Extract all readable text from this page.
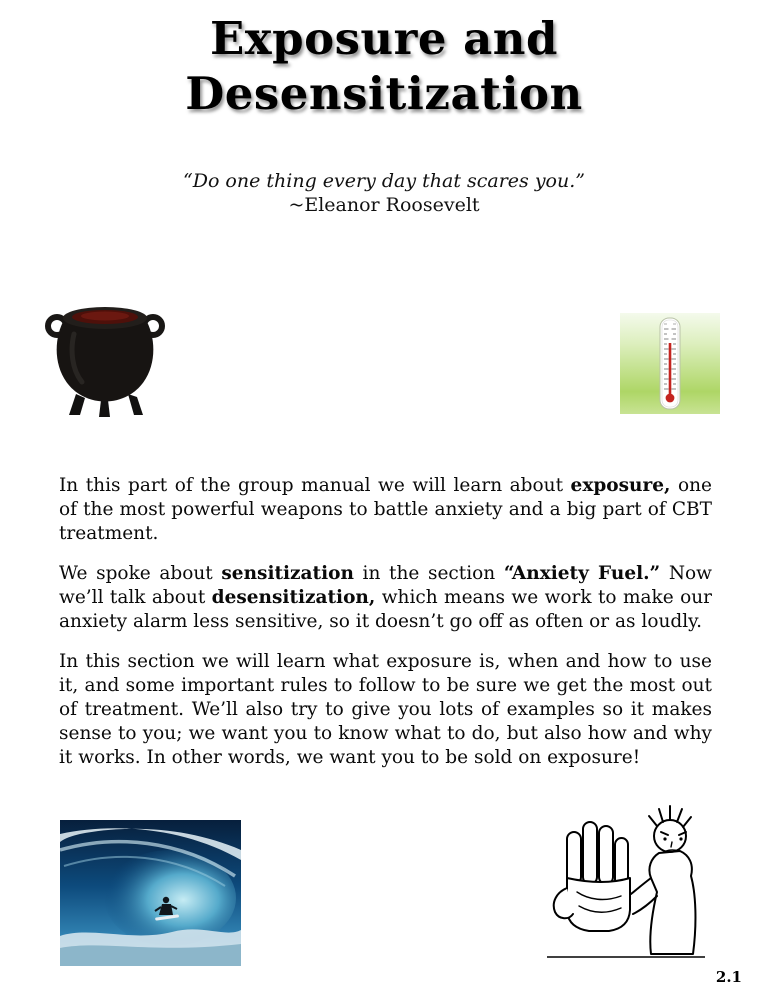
Exposure and
Desensitization
“Do one thing every day that scares you.”
~Eleanor Roosevelt

In this part of the group manual we will learn about exposure, one of the most powerful weapons to battle anxiety and a big part of CBT treatment.

We spoke about sensitization in the section “Anxiety Fuel.” Now we’ll talk about desensitization, which means we work to make our anxiety alarm less sensitive, so it doesn’t go off as often or as loudly.

In this section we will learn what exposure is, when and how to use it, and some important rules to follow to be sure we get the most out of treatment. We’ll also try to give you lots of examples so it makes sense to you; we want you to know what to do, but also how and why it works. In other words, we want you to be sold on exposure!

2.1
